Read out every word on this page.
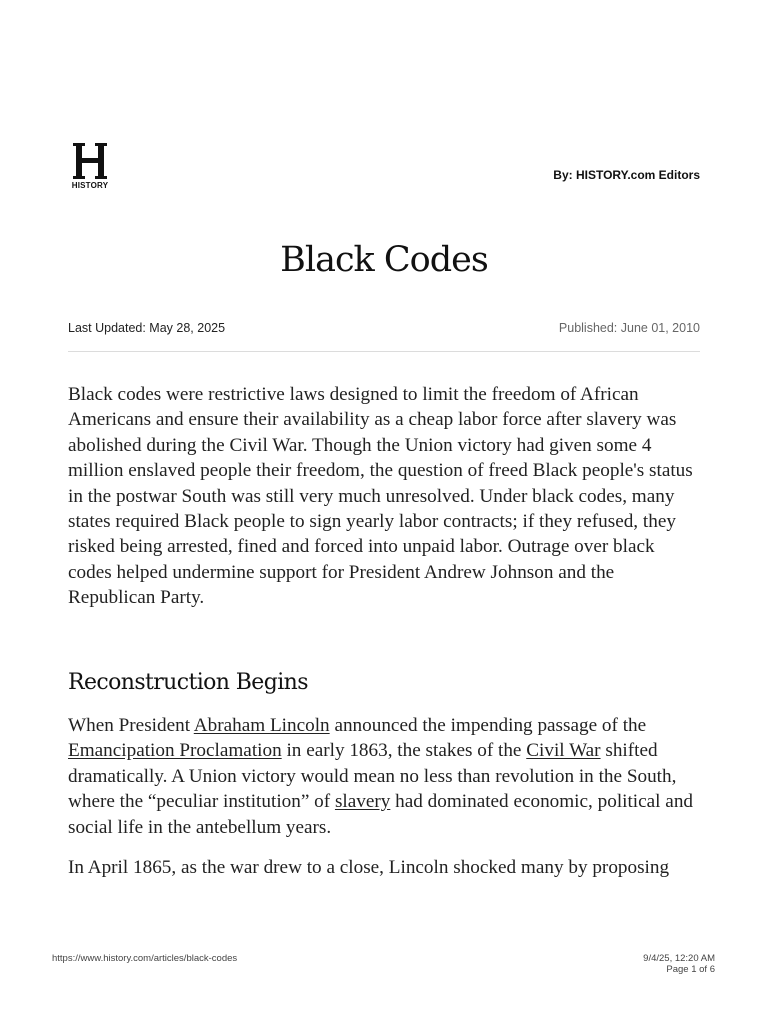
HISTORY
By: HISTORY.com Editors
Black Codes
Last Updated: May 28, 2025	Published: June 01, 2010

Black codes were restrictive laws designed to limit the freedom of African Americans and ensure their availability as a cheap labor force after slavery was abolished during the Civil War. Though the Union victory had given some 4 million enslaved people their freedom, the question of freed Black people's status in the postwar South was still very much unresolved. Under black codes, many states required Black people to sign yearly labor contracts; if they refused, they risked being arrested, fined and forced into unpaid labor. Outrage over black codes helped undermine support for President Andrew Johnson and the Republican Party.

Reconstruction Begins

When President Abraham Lincoln announced the impending passage of the
Emancipation Proclamation in early 1863, the stakes of the Civil War shifted dramatically. A Union victory would mean no less than revolution in the South, where the “peculiar institution” of slavery had dominated economic, political and social life in the antebellum years.

In April 1865, as the war drew to a close, Lincoln shocked many by proposing

https://www.history.com/articles/black-codes	9/4/25, 12:20 AM
Page 1 of 6
